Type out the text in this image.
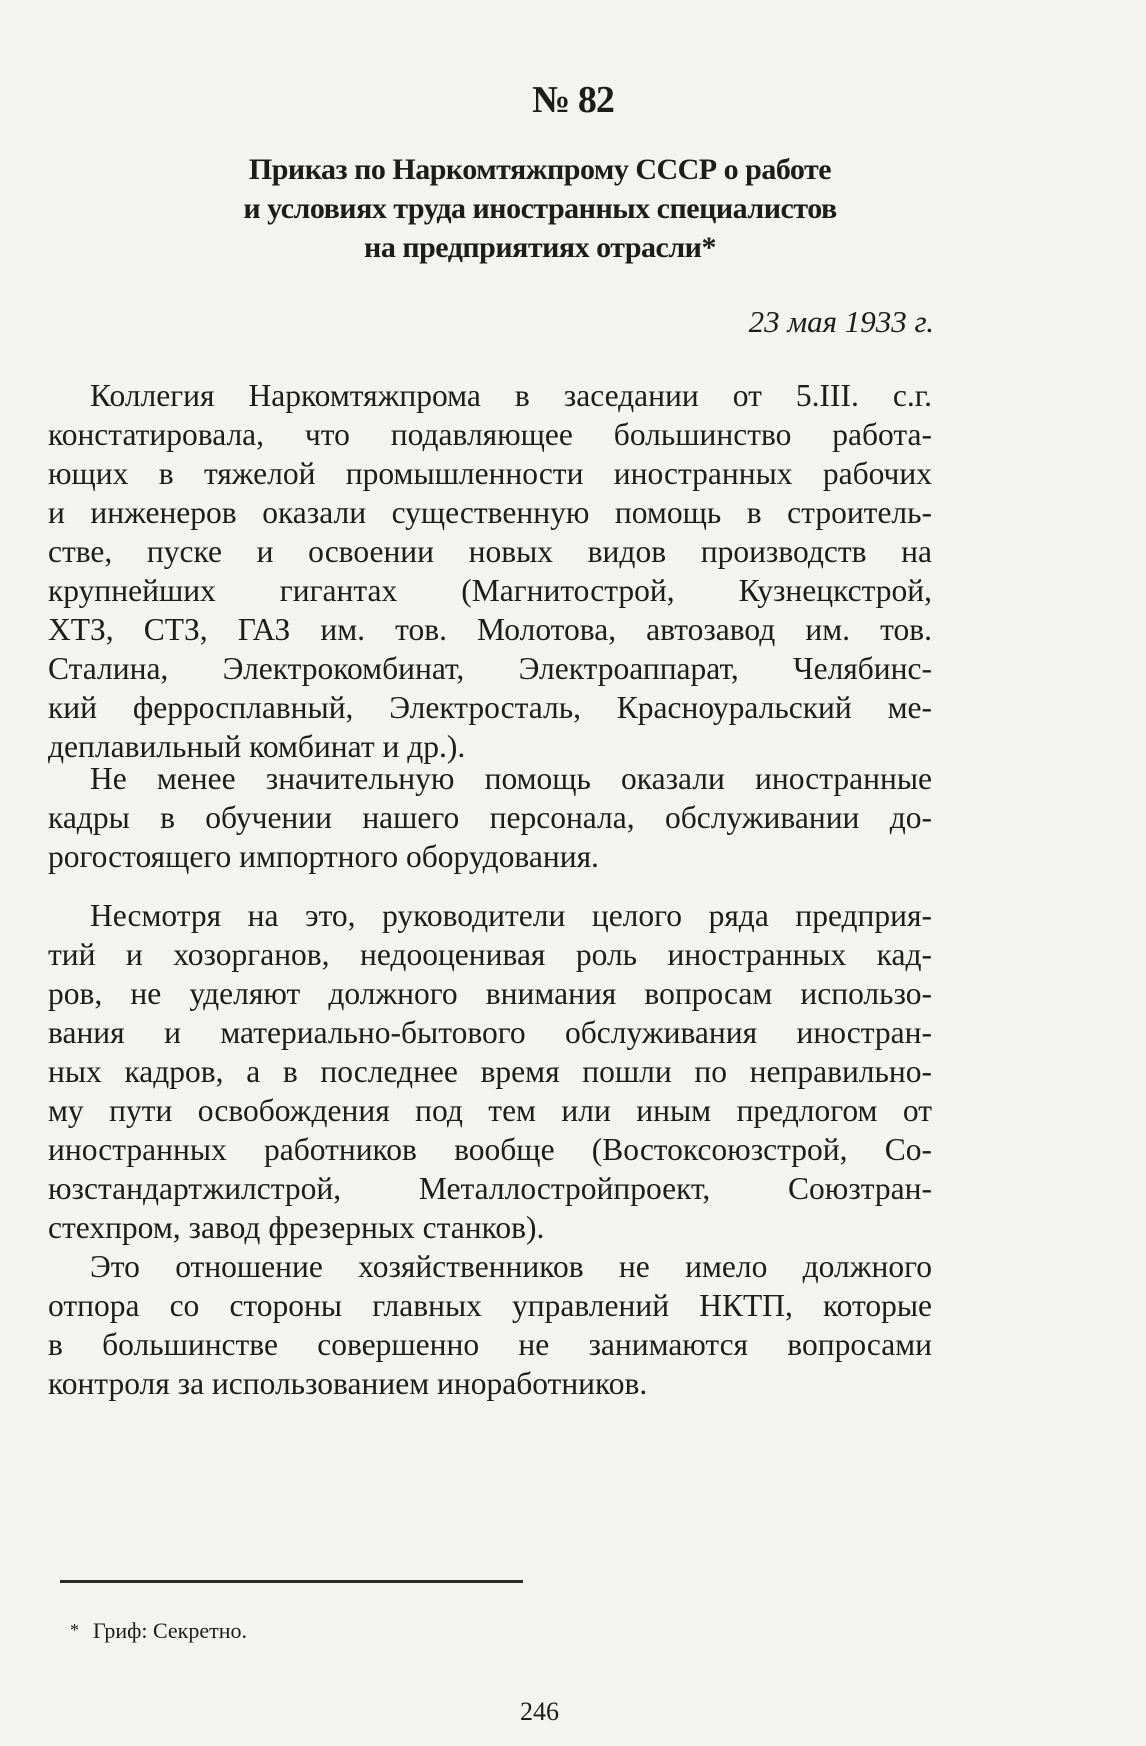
№ 82
Приказ по Наркомтяжпрому СССР о работе
и условиях труда иностранных специалистов
на предприятиях отрасли*
23 мая 1933 г.
Коллегия Наркомтяжпрома в заседании от 5.III. с.г.
констатировала, что подавляющее большинство работа-
ющих в тяжелой промышленности иностранных рабочих
и инженеров оказали существенную помощь в строитель-
стве, пуске и освоении новых видов производств на
крупнейших гигантах (Магнитострой, Кузнецкстрой,
ХТЗ, СТЗ, ГАЗ им. тов. Молотова, автозавод им. тов.
Сталина, Электрокомбинат, Электроаппарат, Челябинс-
кий ферросплавный, Электросталь, Красноуральский ме-
деплавильный комбинат и др.).
Не менее значительную помощь оказали иностранные
кадры в обучении нашего персонала, обслуживании до-
рогостоящего импортного оборудования.
Несмотря на это, руководители целого ряда предприя-
тий и хозорганов, недооценивая роль иностранных кад-
ров, не уделяют должного внимания вопросам использо-
вания и материально-бытового обслуживания иностран-
ных кадров, а в последнее время пошли по неправильно-
му пути освобождения под тем или иным предлогом от
иностранных работников вообще (Востоксоюзстрой, Со-
юзстандартжилстрой, Металлостройпроект, Союзтран-
стехпром, завод фрезерных станков).
Это отношение хозяйственников не имело должного
отпора со стороны главных управлений НКТП, которые
в большинстве совершенно не занимаются вопросами
контроля за использованием иноработников.
* Гриф: Секретно.
246
